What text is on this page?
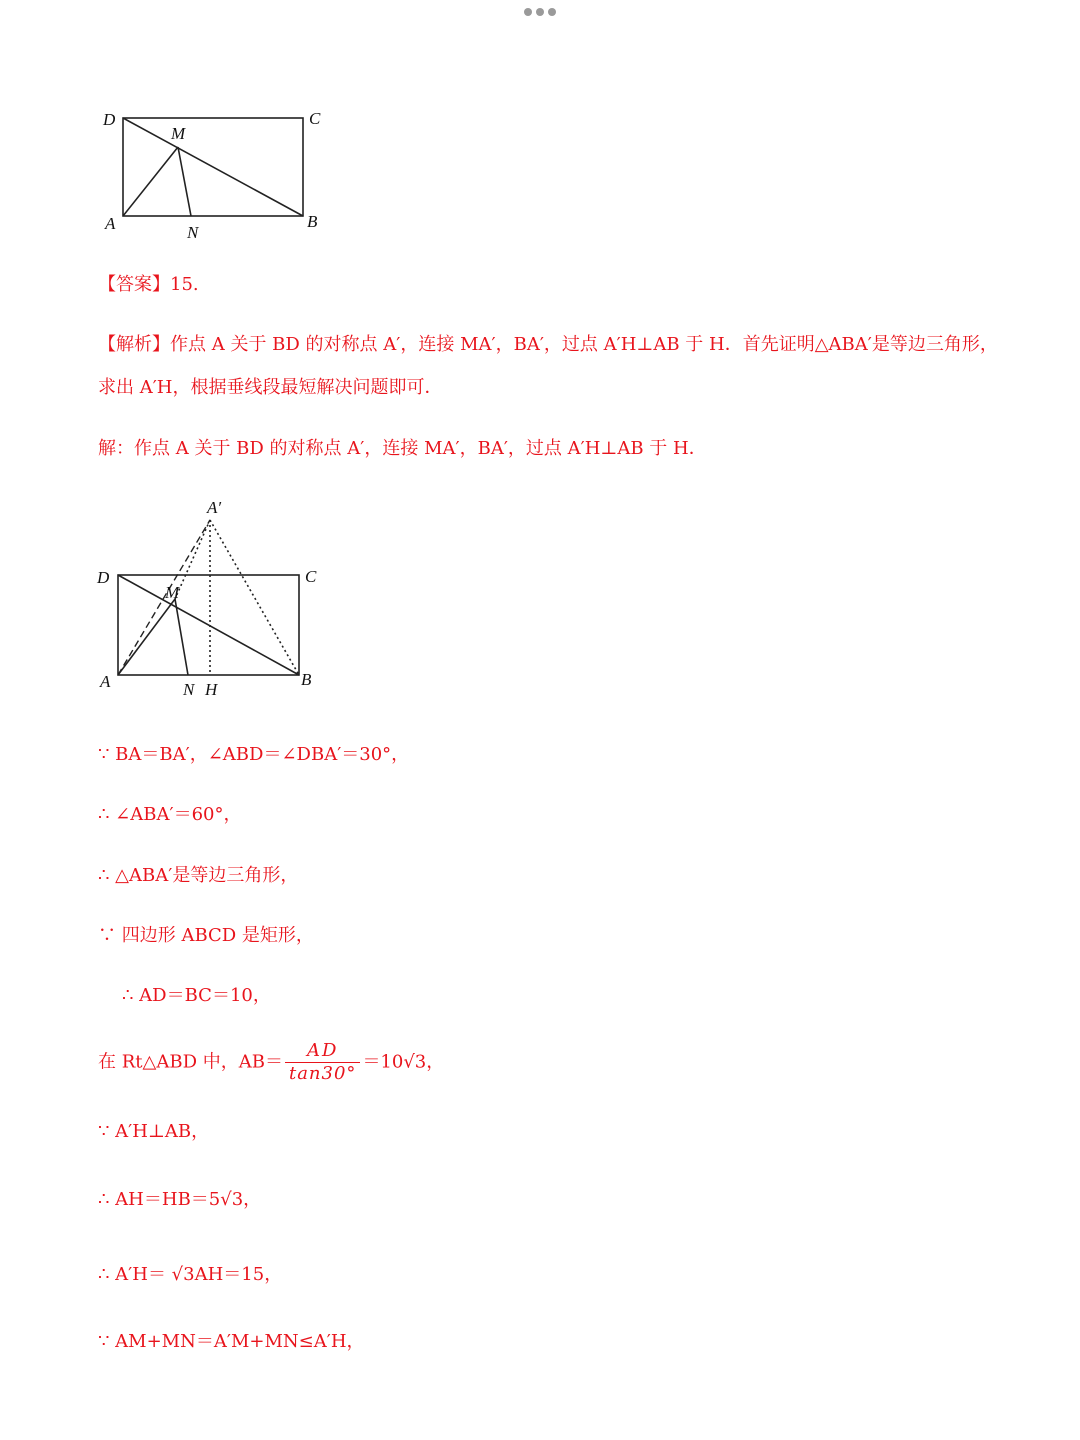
D	C
M
A	N
B
【答案】15.
【解析】作点 A 关于 BD 的对称点 A′，连接 MA′，BA′，过点 A′H⊥AB 于 H．首先证明△ABA′是等边三角形，
求出 A′H，根据垂线段最短解决问题即可．
解：作点 A 关于 BD 的对称点 A′，连接 MA′，BA′，过点 A′H⊥AB 于 H．
A′
D	C
M
A	N H
B
∵ BA＝BA′，∠ABD＝∠DBA′＝30°，
∴ ∠ABA′＝60°，
∴ △ABA′是等边三角形，
∵ 四边形 ABCD 是矩形，
∴ AD＝BC＝10，
在 Rt△ABD 中，$AB= \frac{AD}{\tan 30^\circ} =10√3$，
∵ A′H⊥AB，
∴ AH＝HB＝5√3，
∴ A′H＝ √3AH＝15，
∵ AM+MN＝A′M+MN≤A′H，
